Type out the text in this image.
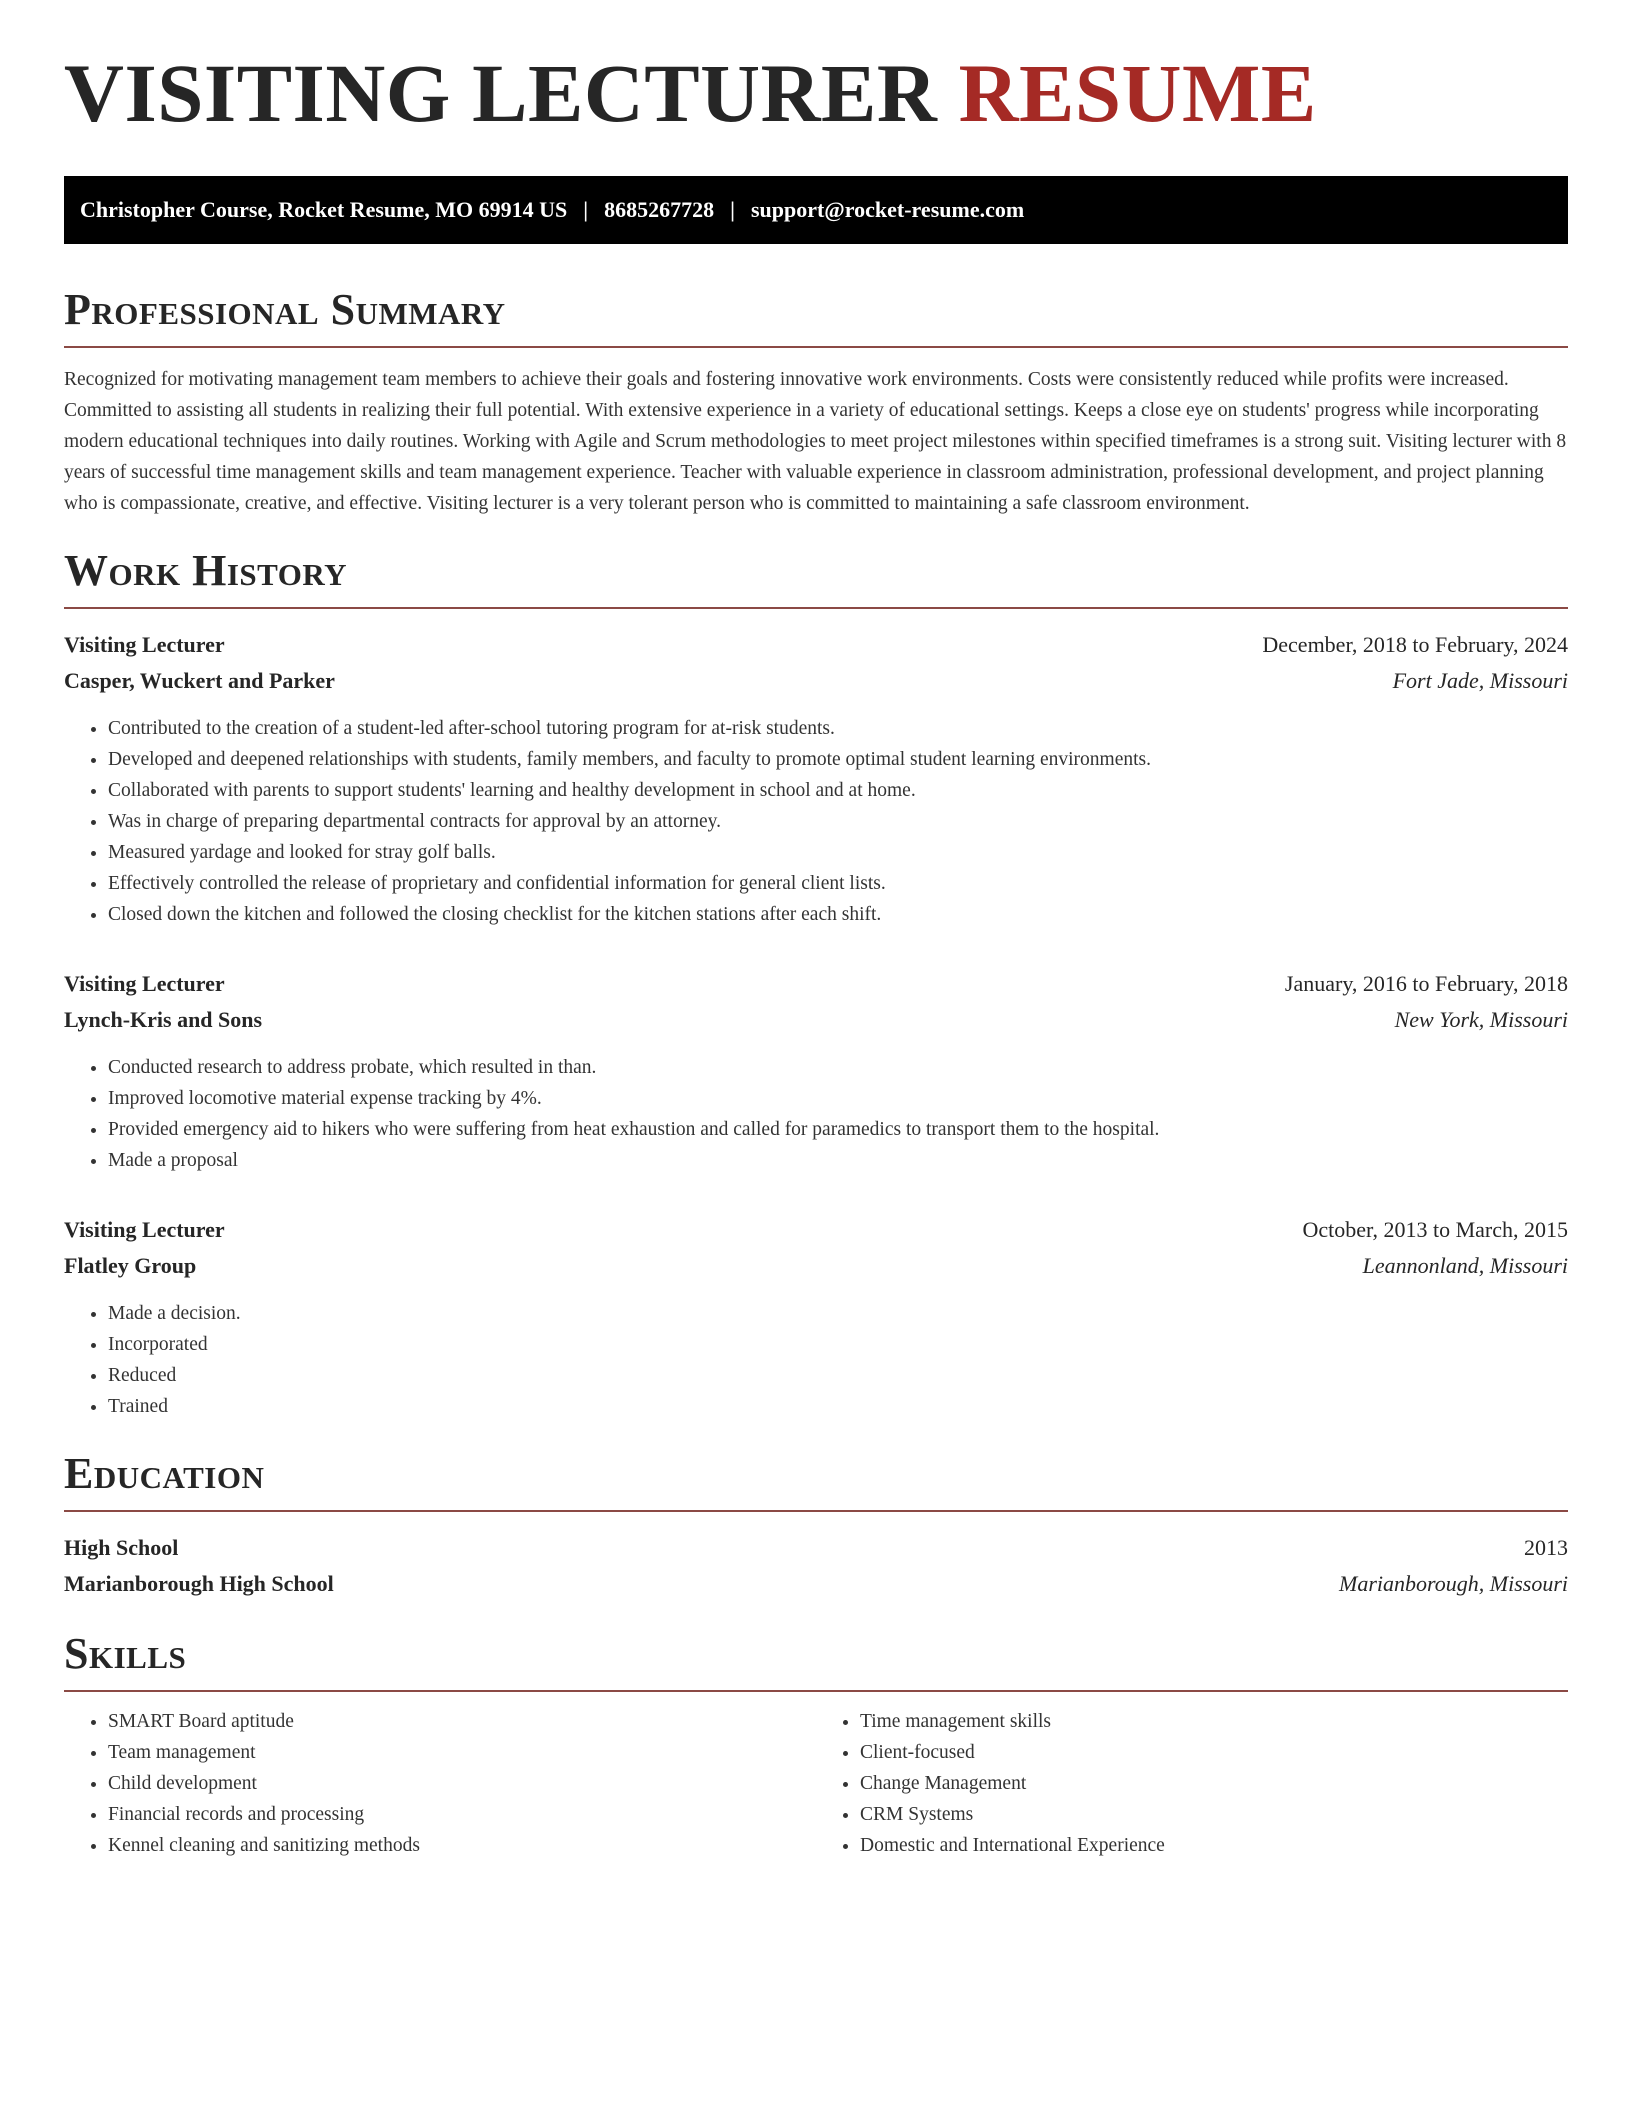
VISITING LECTURER RESUME
Christopher Course, Rocket Resume, MO 69914 US | 8685267728 | support@rocket-resume.com
Professional Summary

Recognized for motivating management team members to achieve their goals and fostering innovative work environments. Costs were consistently reduced while profits were increased. Committed to assisting all students in realizing their full potential. With extensive experience in a variety of educational settings. Keeps a close eye on students' progress while incorporating modern educational techniques into daily routines. Working with Agile and Scrum methodologies to meet project milestones within specified timeframes is a strong suit. Visiting lecturer with 8 years of successful time management skills and team management experience. Teacher with valuable experience in classroom administration, professional development, and project planning who is compassionate, creative, and effective. Visiting lecturer is a very tolerant person who is committed to maintaining a safe classroom environment.

Work History
Visiting Lecturer	December, 2018 to February, 2024
Casper, Wuckert and Parker	Fort Jade, Missouri
• Contributed to the creation of a student-led after-school tutoring program for at-risk students.
• Developed and deepened relationships with students, family members, and faculty to promote optimal student learning environments.
• Collaborated with parents to support students' learning and healthy development in school and at home.
• Was in charge of preparing departmental contracts for approval by an attorney.
• Measured yardage and looked for stray golf balls.
• Effectively controlled the release of proprietary and confidential information for general client lists.
• Closed down the kitchen and followed the closing checklist for the kitchen stations after each shift.
Visiting Lecturer	January, 2016 to February, 2018
Lynch-Kris and Sons	New York, Missouri
• Conducted research to address probate, which resulted in than.
• Improved locomotive material expense tracking by 4%.
• Provided emergency aid to hikers who were suffering from heat exhaustion and called for paramedics to transport them to the hospital.
• Made a proposal
Visiting Lecturer	October, 2013 to March, 2015
Flatley Group	Leannonland, Missouri
• Made a decision.
• Incorporated
• Reduced
• Trained
Education
High School	2013
Marianborough High School	Marianborough, Missouri
Skills
• SMART Board aptitude
• Team management
• Child development
• Financial records and processing
• Kennel cleaning and sanitizing methods
• Time management skills
• Client-focused
• Change Management
• CRM Systems
• Domestic and International Experience
